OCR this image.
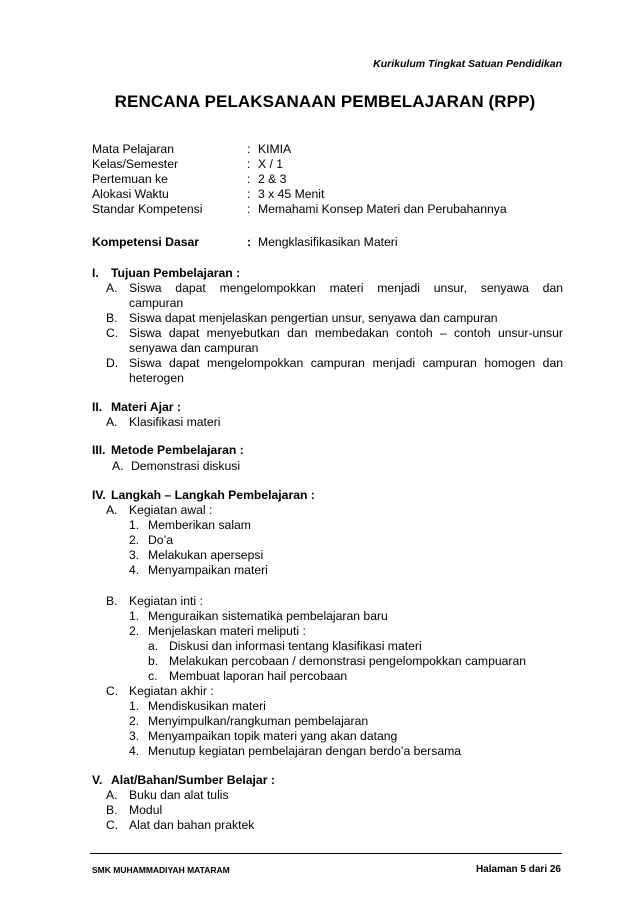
Kurikulum Tingkat Satuan Pendidikan
RENCANA PELAKSANAAN PEMBELAJARAN (RPP)
Mata Pelajaran	: KIMIA
Kelas/Semester	: X / 1
Pertemuan ke	: 2 & 3
Alokasi Waktu	: 3 x 45 Menit
Standar Kompetensi	: Memahami Konsep Materi dan Perubahannya
Kompetensi Dasar	: Mengklasifikasikan Materi
I. Tujuan Pembelajaran :
A. Siswa dapat mengelompokkan materi menjadi unsur, senyawa dan
campuran
B. Siswa dapat menjelaskan pengertian unsur, senyawa dan campuran
C. Siswa dapat menyebutkan dan membedakan contoh – contoh unsur-unsur
senyawa dan campuran
D. Siswa dapat mengelompokkan campuran menjadi campuran homogen dan
heterogen
II. Materi Ajar :
A. Klasifikasi materi
III. Metode Pembelajaran :
A. Demonstrasi diskusi
IV. Langkah – Langkah Pembelajaran :
A. Kegiatan awal :
1. Memberikan salam
2. Do’a
3. Melakukan apersepsi
4. Menyampaikan materi
B. Kegiatan inti :
1. Menguraikan sistematika pembelajaran baru
2. Menjelaskan materi meliputi :
a. Diskusi dan informasi tentang klasifikasi materi
b. Melakukan percobaan / demonstrasi pengelompokkan campuaran
c. Membuat laporan hail percobaan
C. Kegiatan akhir :
1. Mendiskusikan materi
2. Menyimpulkan/rangkuman pembelajaran
3. Menyampaikan topik materi yang akan datang
4. Menutup kegiatan pembelajaran dengan berdo’a bersama
V. Alat/Bahan/Sumber Belajar :
A. Buku dan alat tulis
B. Modul
C. Alat dan bahan praktek
SMK MUHAMMADIYAH MATARAM	Halaman 5 dari 26
